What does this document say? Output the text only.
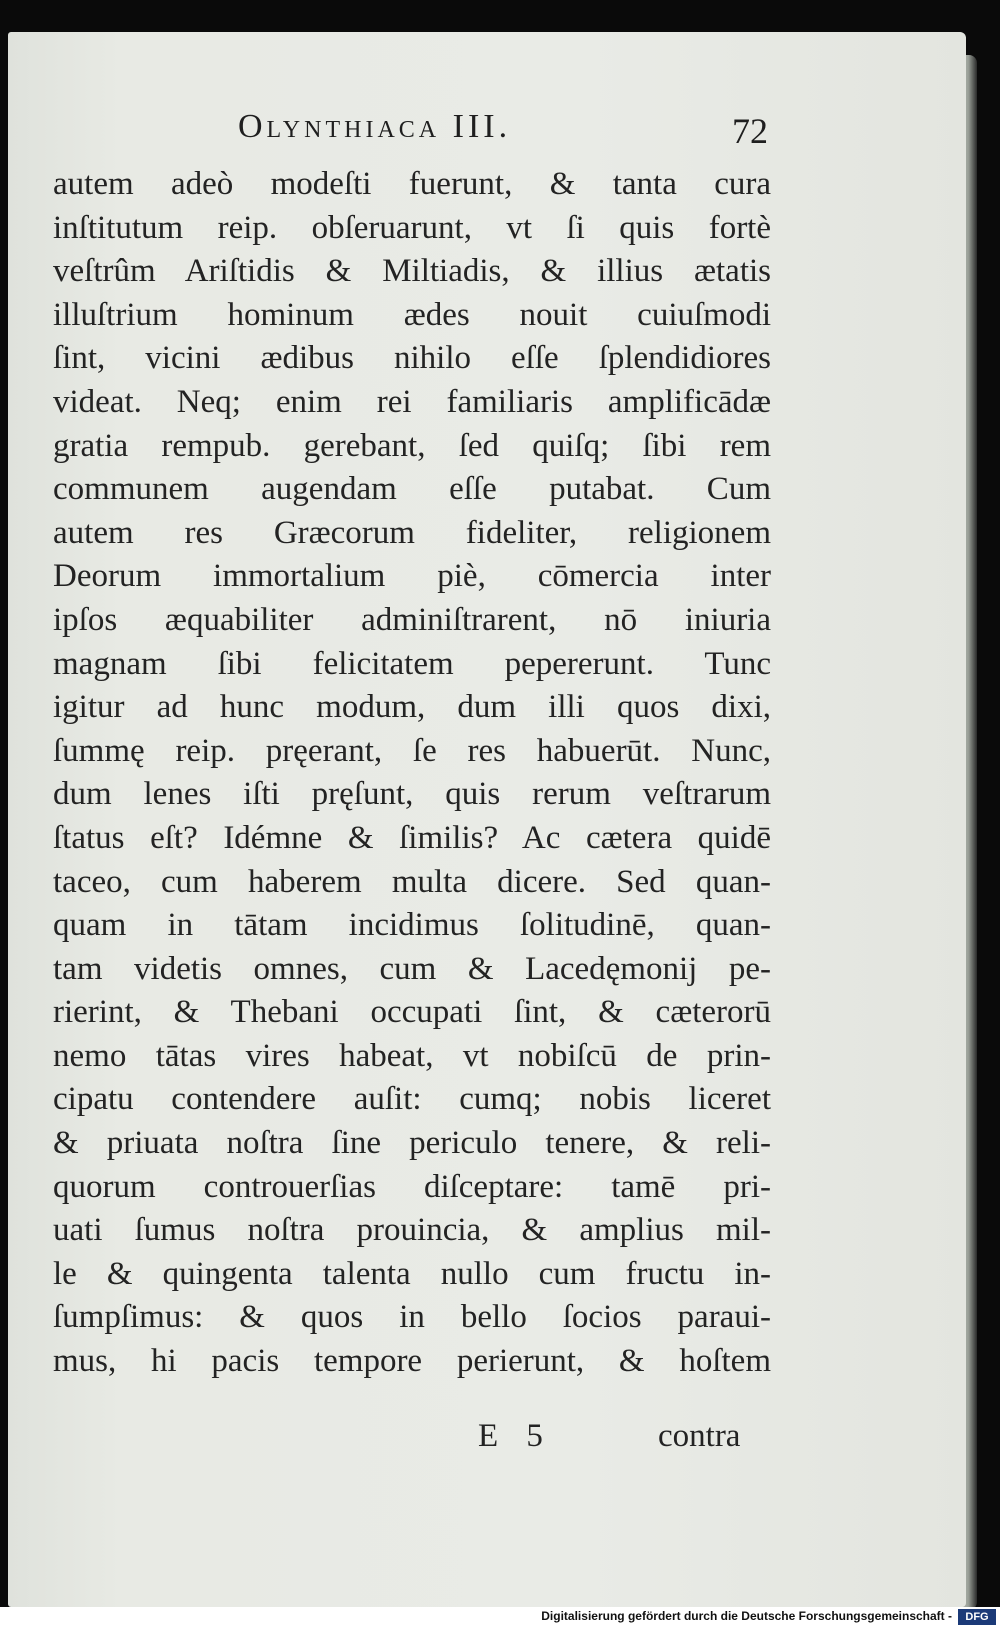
Olynthiaca III.	72
autem adeò modeſti fuerunt, & tanta cura
inſtitutum reip. obſeruarunt, vt ſi quis fortè
veſtrûm Ariſtidis & Miltiadis, & illius ætatis
illuſtrium hominum ædes nouit cuiuſmodi
ſint, vicini ædibus nihilo eſſe ſplendidiores
videat. Neq; enim rei familiaris amplificādæ
gratia rempub. gerebant, ſed quiſq; ſibi rem
communem augendam eſſe putabat. Cum
autem res Græcorum fideliter, religionem
Deorum immortalium piè, cōmercia inter
ipſos æquabiliter adminiſtrarent, nō iniuria
magnam ſibi felicitatem pepererunt. Tunc
igitur ad hunc modum, dum illi quos dixi,
ſummę reip. pręerant, ſe res habuerūt. Nunc,
dum lenes iſti pręſunt, quis rerum veſtrarum
ſtatus eſt? Idémne & ſimilis? Ac cætera quidē
taceo, cum haberem multa dicere. Sed quan-
quam in tātam incidimus ſolitudinē, quan-
tam videtis omnes, cum & Lacedęmonij pe-
rierint, & Thebani occupati ſint, & cæterorū
nemo tātas vires habeat, vt nobiſcū de prin-
cipatu contendere auſit: cumq; nobis liceret
& priuata noſtra ſine periculo tenere, & reli-
quorum controuerſias diſceptare: tamē pri-
uati ſumus noſtra prouincia, & amplius mil-
le & quingenta talenta nullo cum fructu in-
ſumpſimus: & quos in bello ſocios paraui-
mus, hi pacis tempore perierunt, & hoſtem
E 5	contra
Digitalisierung gefördert durch die Deutsche Forschungsgemeinschaft -	DFG
